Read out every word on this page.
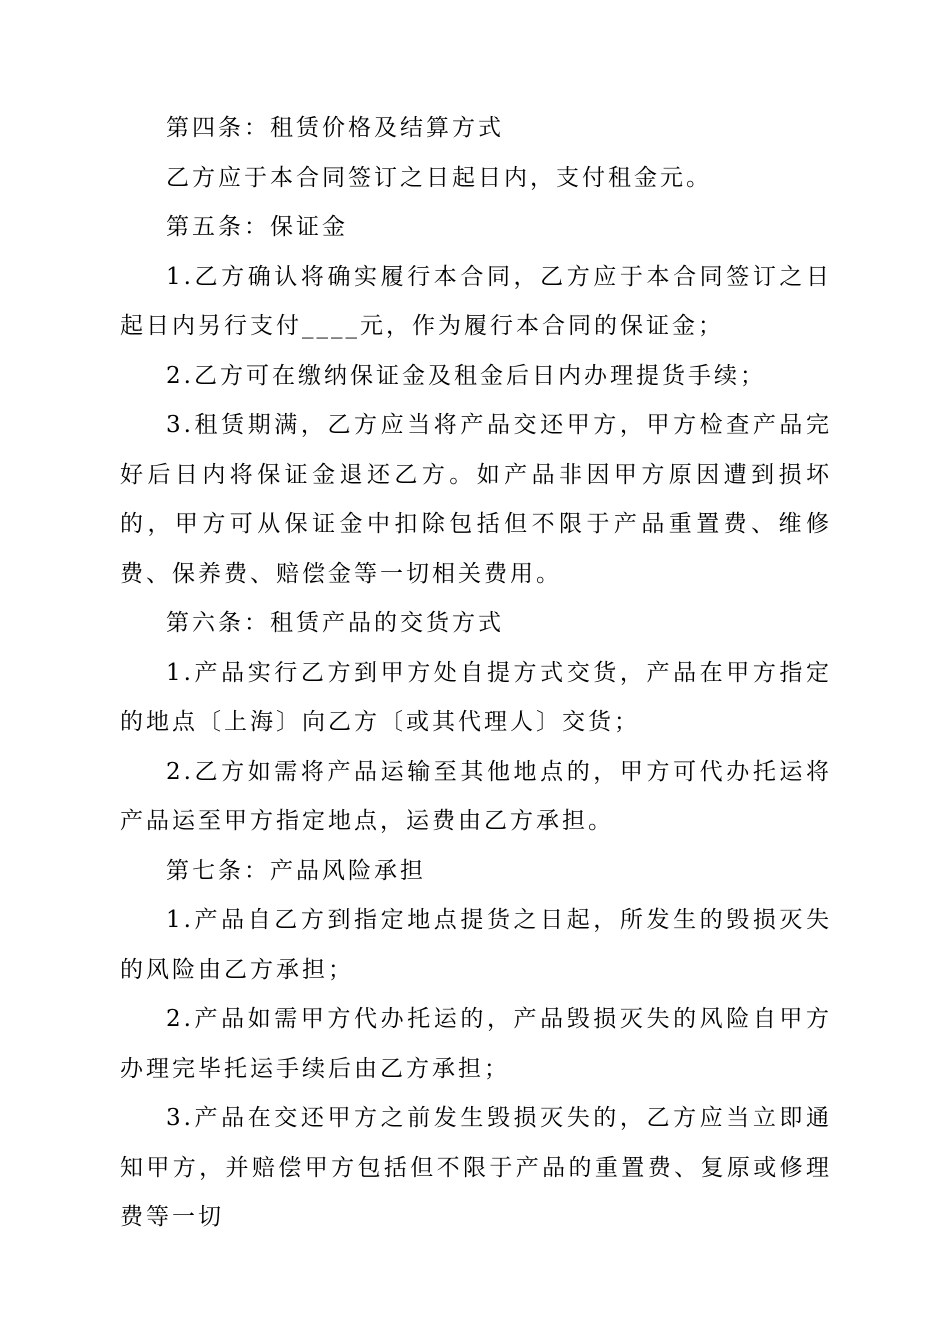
第四条：租赁价格及结算方式

乙方应于本合同签订之日起日内，支付租金元。

第五条：保证金

1.乙方确认将确实履行本合同，乙方应于本合同签订之日起日内另行支付____元，作为履行本合同的保证金；

2.乙方可在缴纳保证金及租金后日内办理提货手续；

3.租赁期满，乙方应当将产品交还甲方，甲方检查产品完好后日内将保证金退还乙方。如产品非因甲方原因遭到损坏的，甲方可从保证金中扣除包括但不限于产品重置费、维修费、保养费、赔偿金等一切相关费用。

第六条：租赁产品的交货方式

1.产品实行乙方到甲方处自提方式交货，产品在甲方指定的地点〔上海〕向乙方〔或其代理人〕交货；

2.乙方如需将产品运输至其他地点的，甲方可代办托运将产品运至甲方指定地点，运费由乙方承担。

第七条：产品风险承担

1.产品自乙方到指定地点提货之日起，所发生的毁损灭失的风险由乙方承担；

2.产品如需甲方代办托运的，产品毁损灭失的风险自甲方办理完毕托运手续后由乙方承担；

3.产品在交还甲方之前发生毁损灭失的，乙方应当立即通知甲方，并赔偿甲方包括但不限于产品的重置费、复原或修理费等一切
